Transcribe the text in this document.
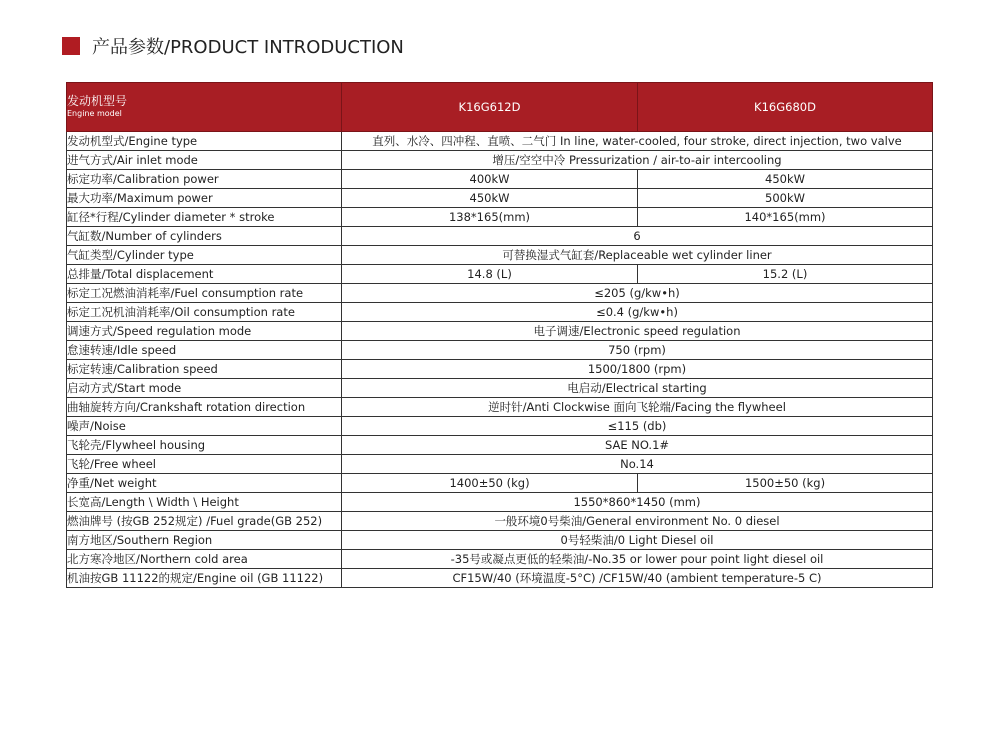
产品参数/PRODUCT INTRODUCTION
发动机型号
Engine model	K16G612D	K16G680D
发动机型式/Engine type	直列、水冷、四冲程、直喷、二气门 In line, water-cooled, four stroke, direct injection, two valve	
进气方式/Air inlet mode	增压/空空中冷 Pressurization / air-to-air intercooling	
标定功率/Calibration power	400kW	450kW
最大功率/Maximum power	450kW	500kW
缸径*行程/Cylinder diameter * stroke	138*165(mm)	140*165(mm)
气缸数/Number of cylinders	6	
气缸类型/Cylinder type	可替换湿式气缸套/Replaceable wet cylinder liner	
总排量/Total displacement	14.8 (L)	15.2 (L)
标定工况燃油消耗率/Fuel consumption rate	≤205 (g/kw•h)	
标定工况机油消耗率/Oil consumption rate	≤0.4 (g/kw•h)	
调速方式/Speed regulation mode	电子调速/Electronic speed regulation	
怠速转速/Idle speed	750 (rpm)	
标定转速/Calibration speed	1500/1800 (rpm)	
启动方式/Start mode	电启动/Electrical starting	
曲轴旋转方向/Crankshaft rotation direction	逆时针/Anti Clockwise 面向飞轮端/Facing the flywheel	
噪声/Noise	≤115 (db)	
飞轮壳/Flywheel housing	SAE NO.1#	
飞轮/Free wheel	No.14	
净重/Net weight	1400±50 (kg)	1500±50 (kg)
长宽高/Length \ Width \ Height	1550*860*1450 (mm)	
燃油牌号 (按GB 252规定) /Fuel grade(GB 252)	一般环境0号柴油/General environment No. 0 diesel	
南方地区/Southern Region	0号轻柴油/0 Light Diesel oil	
北方寒冷地区/Northern cold area	-35号或凝点更低的轻柴油/-No.35 or lower pour point light diesel oil	
机油按GB 11122的规定/Engine oil (GB 11122)	CF15W/40 (环境温度-5°C) /CF15W/40 (ambient temperature-5 C)	
